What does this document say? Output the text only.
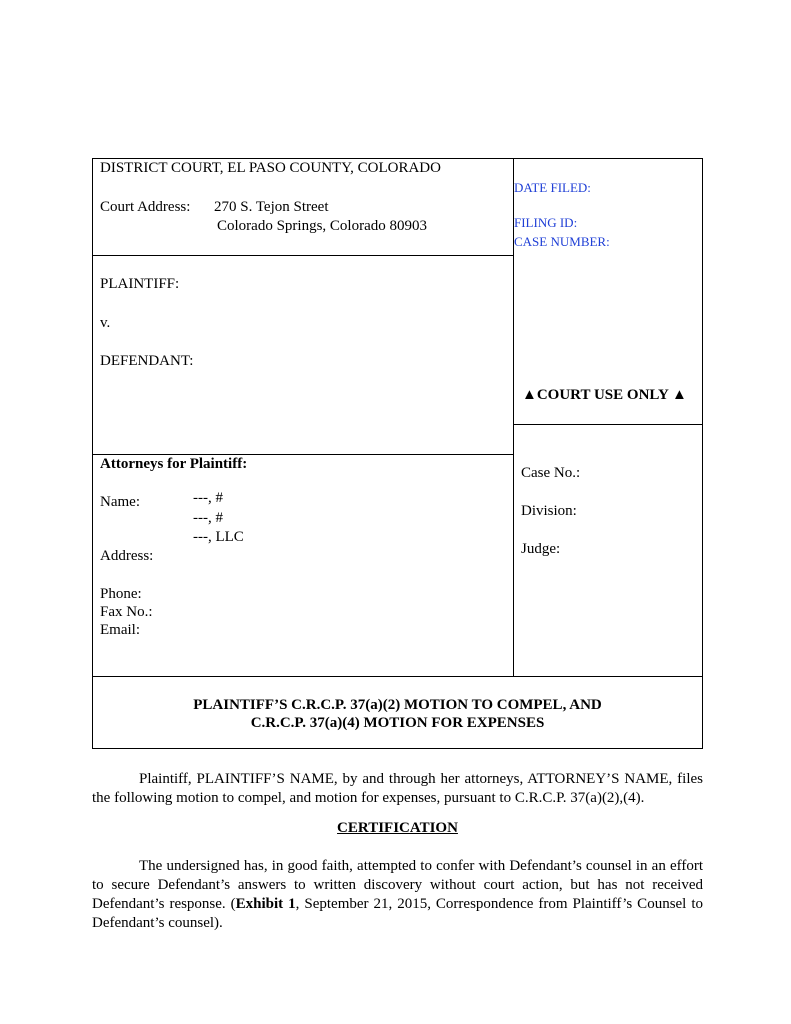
DISTRICT COURT, EL PASO COUNTY, COLORADO
Court Address: 270 S. Tejon Street
Colorado Springs, Colorado 80903
DATE FILED:
FILING ID:
CASE NUMBER:
PLAINTIFF:
v.
DEFENDANT:
▲COURT USE ONLY ▲
Attorneys for Plaintiff:
Name:	---, #
---, #
---, LLC
Address:
Phone:
Fax No.:
Email:
Case No.:
Division:
Judge:
PLAINTIFF’S C.R.C.P. 37(a)(2) MOTION TO COMPEL, AND
C.R.C.P. 37(a)(4) MOTION FOR EXPENSES
Plaintiff, PLAINTIFF’S NAME, by and through her attorneys, ATTORNEY’S NAME, files the following motion to compel, and motion for expenses, pursuant to C.R.C.P. 37(a)(2),(4).
CERTIFICATION
The undersigned has, in good faith, attempted to confer with Defendant’s counsel in an effort to secure Defendant’s answers to written discovery without court action, but has not received Defendant’s response. (Exhibit 1, September 21, 2015, Correspondence from Plaintiff’s Counsel to Defendant’s counsel).
